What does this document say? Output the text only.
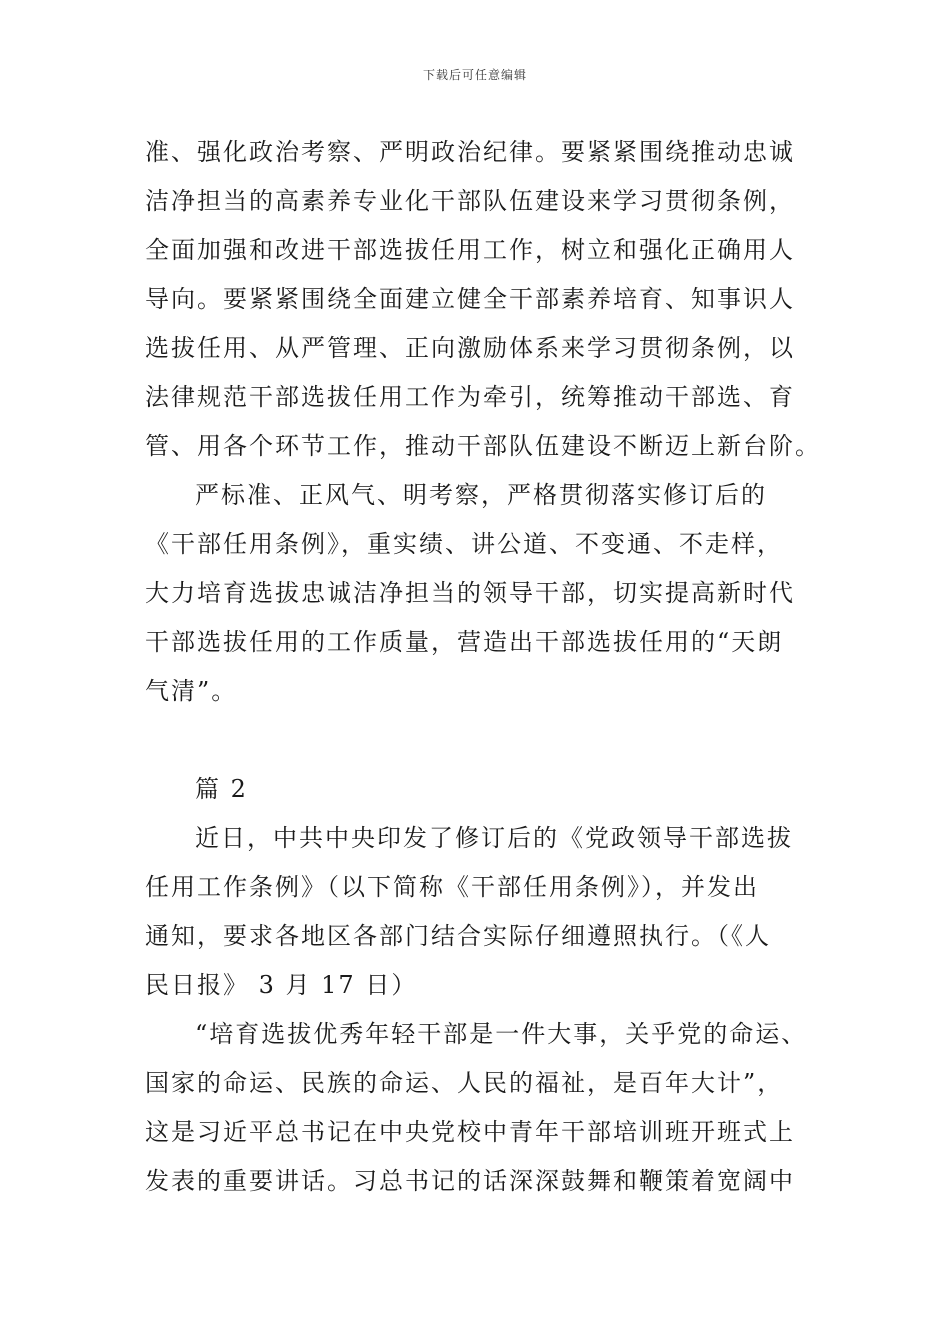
下载后可任意编辑
准、强化政治考察、严明政治纪律。要紧紧围绕推动忠诚
洁净担当的高素养专业化干部队伍建设来学习贯彻条例，
全面加强和改进干部选拔任用工作，树立和强化正确用人
导向。要紧紧围绕全面建立健全干部素养培育、知事识人
选拔任用、从严管理、正向激励体系来学习贯彻条例，以
法律规范干部选拔任用工作为牵引，统筹推动干部选、育
管、用各个环节工作，推动干部队伍建设不断迈上新台阶。
严标准、正风气、明考察，严格贯彻落实修订后的
《干部任用条例》，重实绩、讲公道、不变通、不走样，
大力培育选拔忠诚洁净担当的领导干部，切实提高新时代
干部选拔任用的工作质量，营造出干部选拔任用的“天朗
气清”。
篇 2
近日，中共中央印发了修订后的《党政领导干部选拔
任用工作条例》（以下简称《干部任用条例》），并发出
通知，要求各地区各部门结合实际仔细遵照执行。（《人
民日报》 3 月 17 日）
“培育选拔优秀年轻干部是一件大事，关乎党的命运、
国家的命运、民族的命运、人民的福祉，是百年大计”，
这是习近平总书记在中央党校中青年干部培训班开班式上
发表的重要讲话。习总书记的话深深鼓舞和鞭策着宽阔中
